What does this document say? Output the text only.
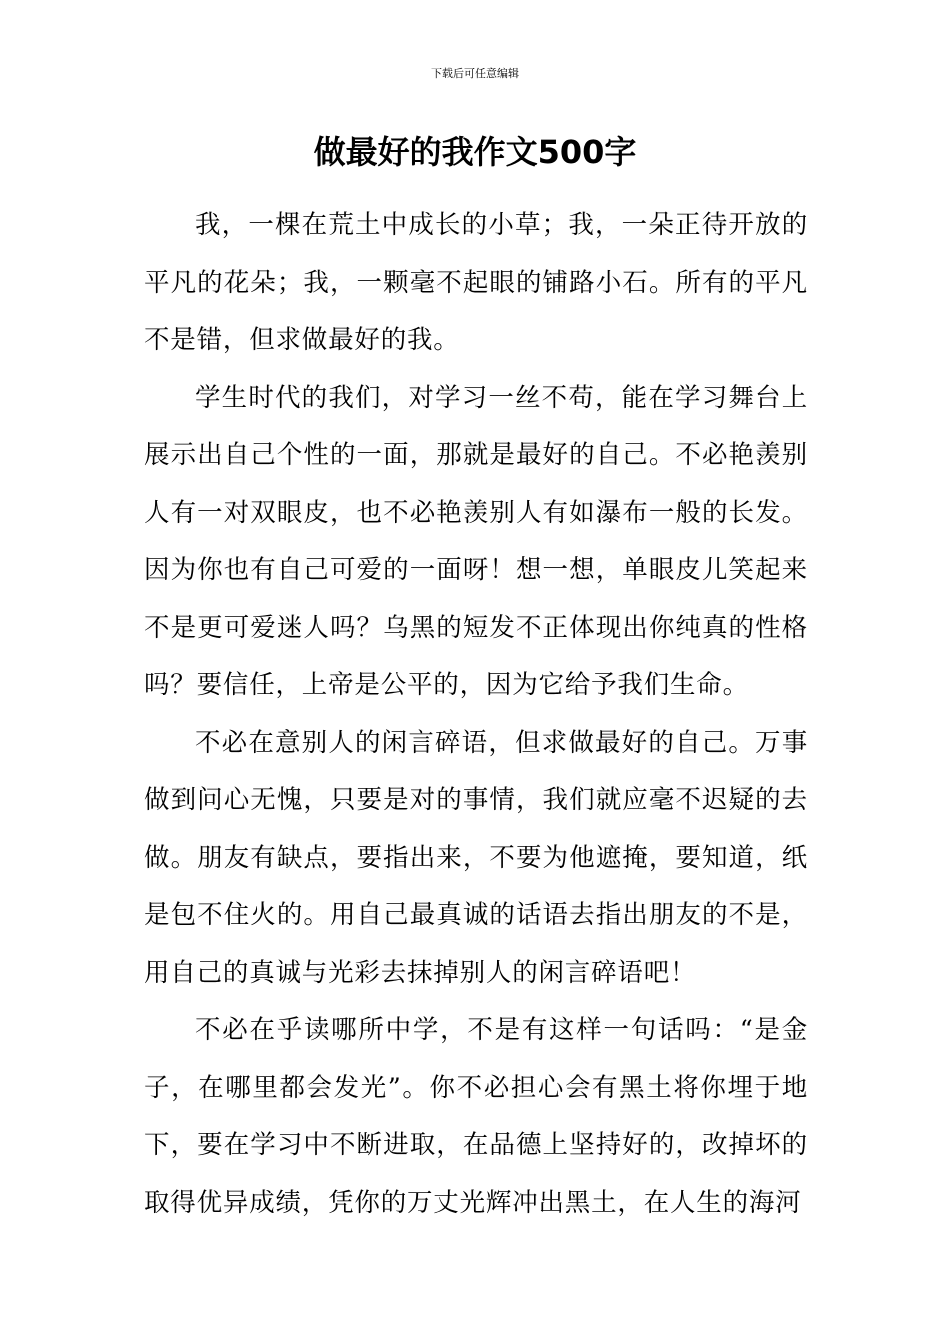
下载后可任意编辑
做最好的我作文500字

我，一棵在荒土中成长的小草；我，一朵正待开放的平凡的花朵；我，一颗毫不起眼的铺路小石。所有的平凡不是错，但求做最好的我。

学生时代的我们，对学习一丝不苟，能在学习舞台上展示出自己个性的一面，那就是最好的自己。不必艳羡别人有一对双眼皮，也不必艳羡别人有如瀑布一般的长发。因为你也有自己可爱的一面呀！想一想，单眼皮儿笑起来不是更可爱迷人吗？乌黑的短发不正体现出你纯真的性格吗？要信任，上帝是公平的，因为它给予我们生命。

不必在意别人的闲言碎语，但求做最好的自己。万事做到问心无愧，只要是对的事情，我们就应毫不迟疑的去做。朋友有缺点，要指出来，不要为他遮掩，要知道，纸是包不住火的。用自己最真诚的话语去指出朋友的不是，用自己的真诚与光彩去抹掉别人的闲言碎语吧！

不必在乎读哪所中学，不是有这样一句话吗：“是金子，在哪里都会发光”。你不必担心会有黑土将你埋于地下，要在学习中不断进取，在品德上坚持好的，改掉坏的取得优异成绩，凭你的万丈光辉冲出黑土，在人生的海河
